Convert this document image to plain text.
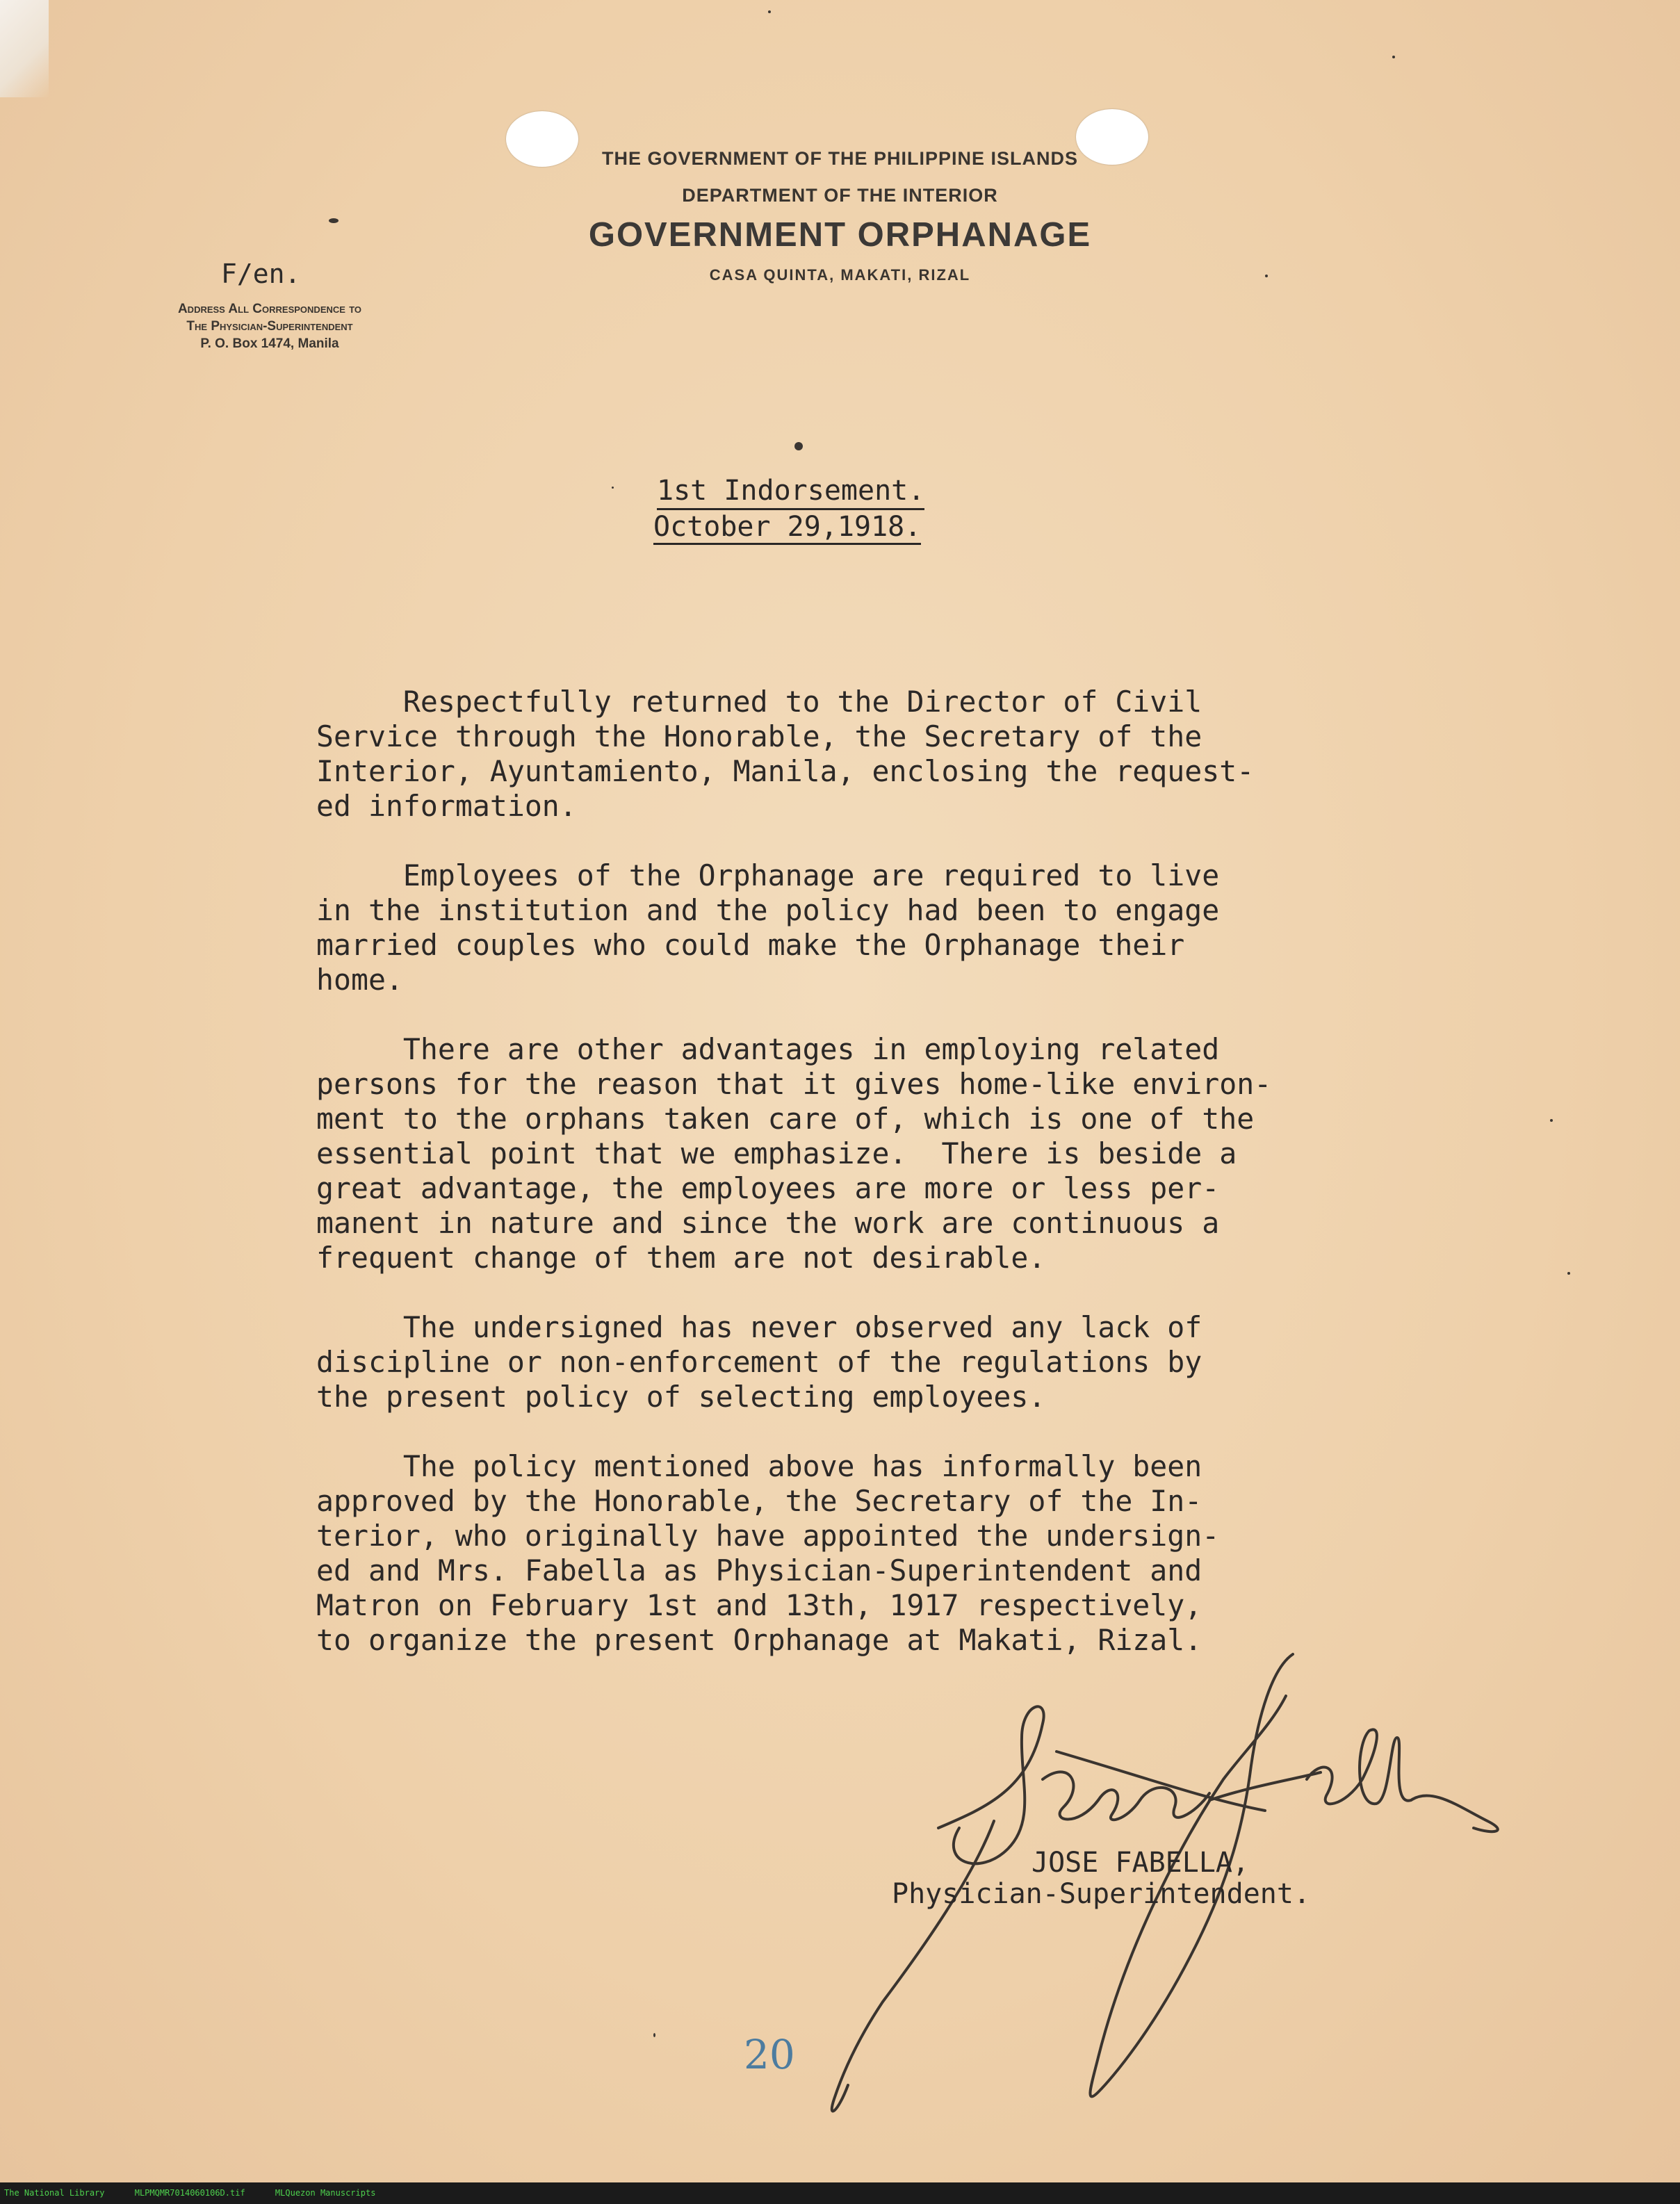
THE GOVERNMENT OF THE PHILIPPINE ISLANDS
DEPARTMENT OF THE INTERIOR
GOVERNMENT ORPHANAGE
CASA QUINTA, MAKATI, RIZAL
F/en.
Address All Correspondence to
The Physician-Superintendent
P. O. Box 1474, Manila
1st Indorsement.
October 29,1918.

Respectfully returned to the Director of Civil
Service through the Honorable, the Secretary of the
Interior, Ayuntamiento, Manila, enclosing the request-
ed information.

Employees of the Orphanage are required to live
in the institution and the policy had been to engage
married couples who could make the Orphanage their
home.

There are other advantages in employing related
persons for the reason that it gives home-like environ-
ment to the orphans taken care of, which is one of the
essential point that we emphasize.  There is beside a
great advantage, the employees are more or less per-
manent in nature and since the work are continuous a
frequent change of them are not desirable.

The undersigned has never observed any lack of
discipline or non-enforcement of the regulations by
the present policy of selecting employees.

The policy mentioned above has informally been
approved by the Honorable, the Secretary of the In-
terior, who originally have appointed the undersign-
ed and Mrs. Fabella as Physician-Superintendent and
Matron on February 1st and 13th, 1917 respectively,
to organize the present Orphanage at Makati, Rizal.

JOSE FABELLA,
Physician-Superintendent.
20
The National Library	MLPMQMR7014060106D.tif	MLQuezon Manuscripts
